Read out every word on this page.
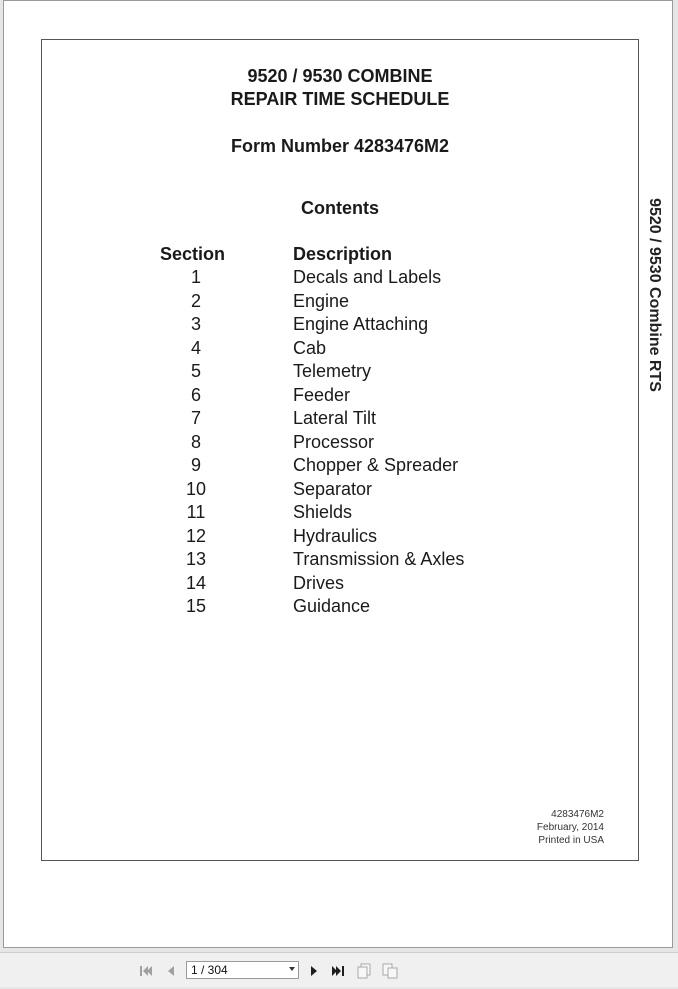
9520 / 9530 COMBINE

REPAIR TIME SCHEDULE

Form Number 4283476M2

Contents

Section	Description
1	Decals and Labels
2	Engine
3	Engine Attaching
4	Cab
5	Telemetry
6	Feeder
7	Lateral Tilt
8	Processor
9	Chopper & Spreader
10	Separator
11	Shields
12	Hydraulics
13	Transmission & Axles
14	Drives
15	Guidance
4283476M2
February, 2014
Printed in USA
9520 / 9530 Combine RTS
1 / 304
